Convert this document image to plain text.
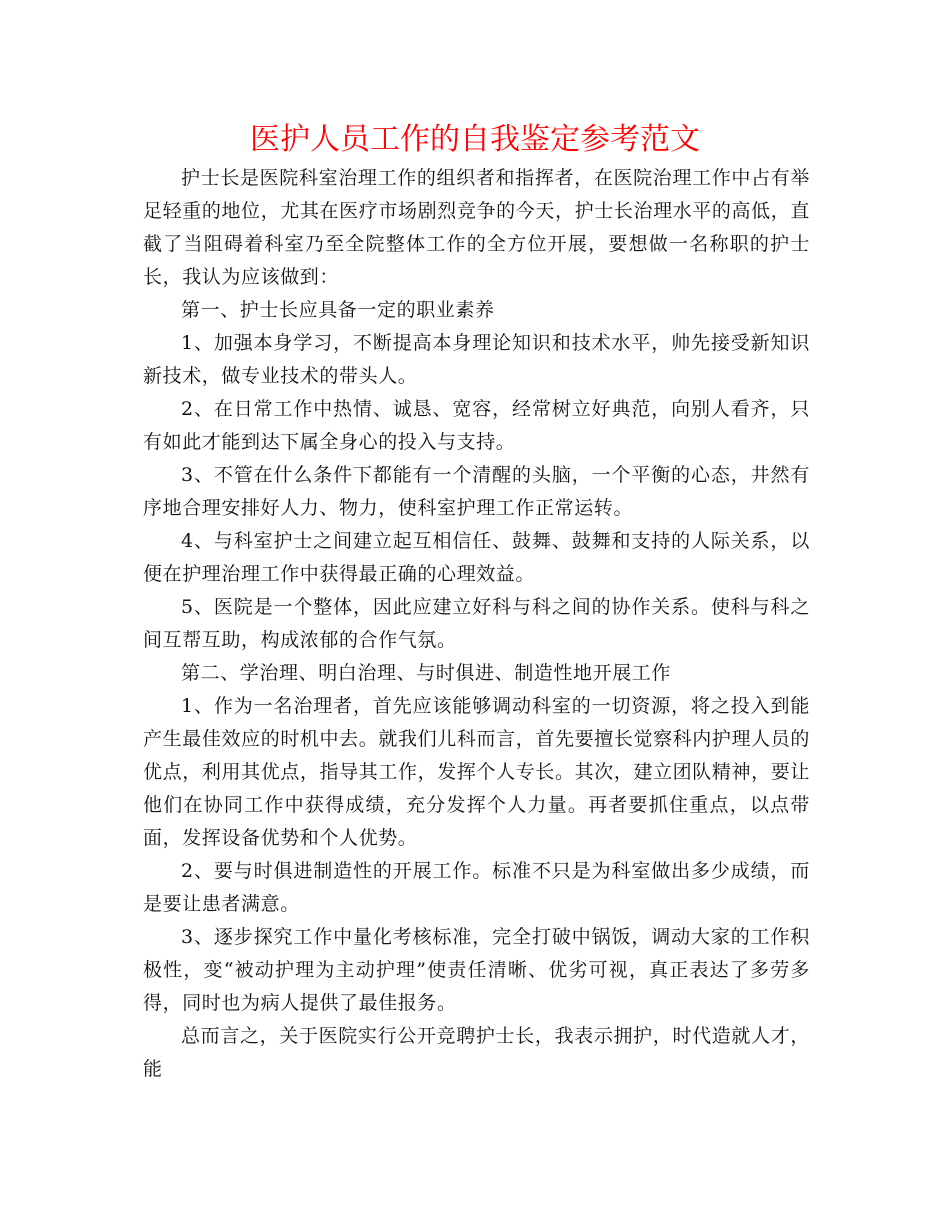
医护人员工作的自我鉴定参考范文

护士长是医院科室治理工作的组织者和指挥者，在医院治理工作中占有举足轻重的地位，尤其在医疗市场剧烈竞争的今天，护士长治理水平的高低，直截了当阻碍着科室乃至全院整体工作的全方位开展，要想做一名称职的护士长，我认为应该做到：

第一、护士长应具备一定的职业素养

1、加强本身学习，不断提高本身理论知识和技术水平，帅先接受新知识新技术，做专业技术的带头人。

2、在日常工作中热情、诚恳、宽容，经常树立好典范，向别人看齐，只有如此才能到达下属全身心的投入与支持。

3、不管在什么条件下都能有一个清醒的头脑，一个平衡的心态，井然有序地合理安排好人力、物力，使科室护理工作正常运转。

4、与科室护士之间建立起互相信任、鼓舞、鼓舞和支持的人际关系，以便在护理治理工作中获得最正确的心理效益。

5、医院是一个整体，因此应建立好科与科之间的协作关系。使科与科之间互帮互助，构成浓郁的合作气氛。

第二、学治理、明白治理、与时俱进、制造性地开展工作

1、作为一名治理者，首先应该能够调动科室的一切资源，将之投入到能产生最佳效应的时机中去。就我们儿科而言，首先要擅长觉察科内护理人员的优点，利用其优点，指导其工作，发挥个人专长。其次，建立团队精神，要让他们在协同工作中获得成绩，充分发挥个人力量。再者要抓住重点，以点带面，发挥设备优势和个人优势。

2、要与时俱进制造性的开展工作。标准不只是为科室做出多少成绩，而是要让患者满意。

3、逐步探究工作中量化考核标准，完全打破中锅饭，调动大家的工作积极性，变“被动护理为主动护理”使责任清晰、优劣可视，真正表达了多劳多得，同时也为病人提供了最佳报务。

总而言之，关于医院实行公开竞聘护士长，我表示拥护，时代造就人才，能
